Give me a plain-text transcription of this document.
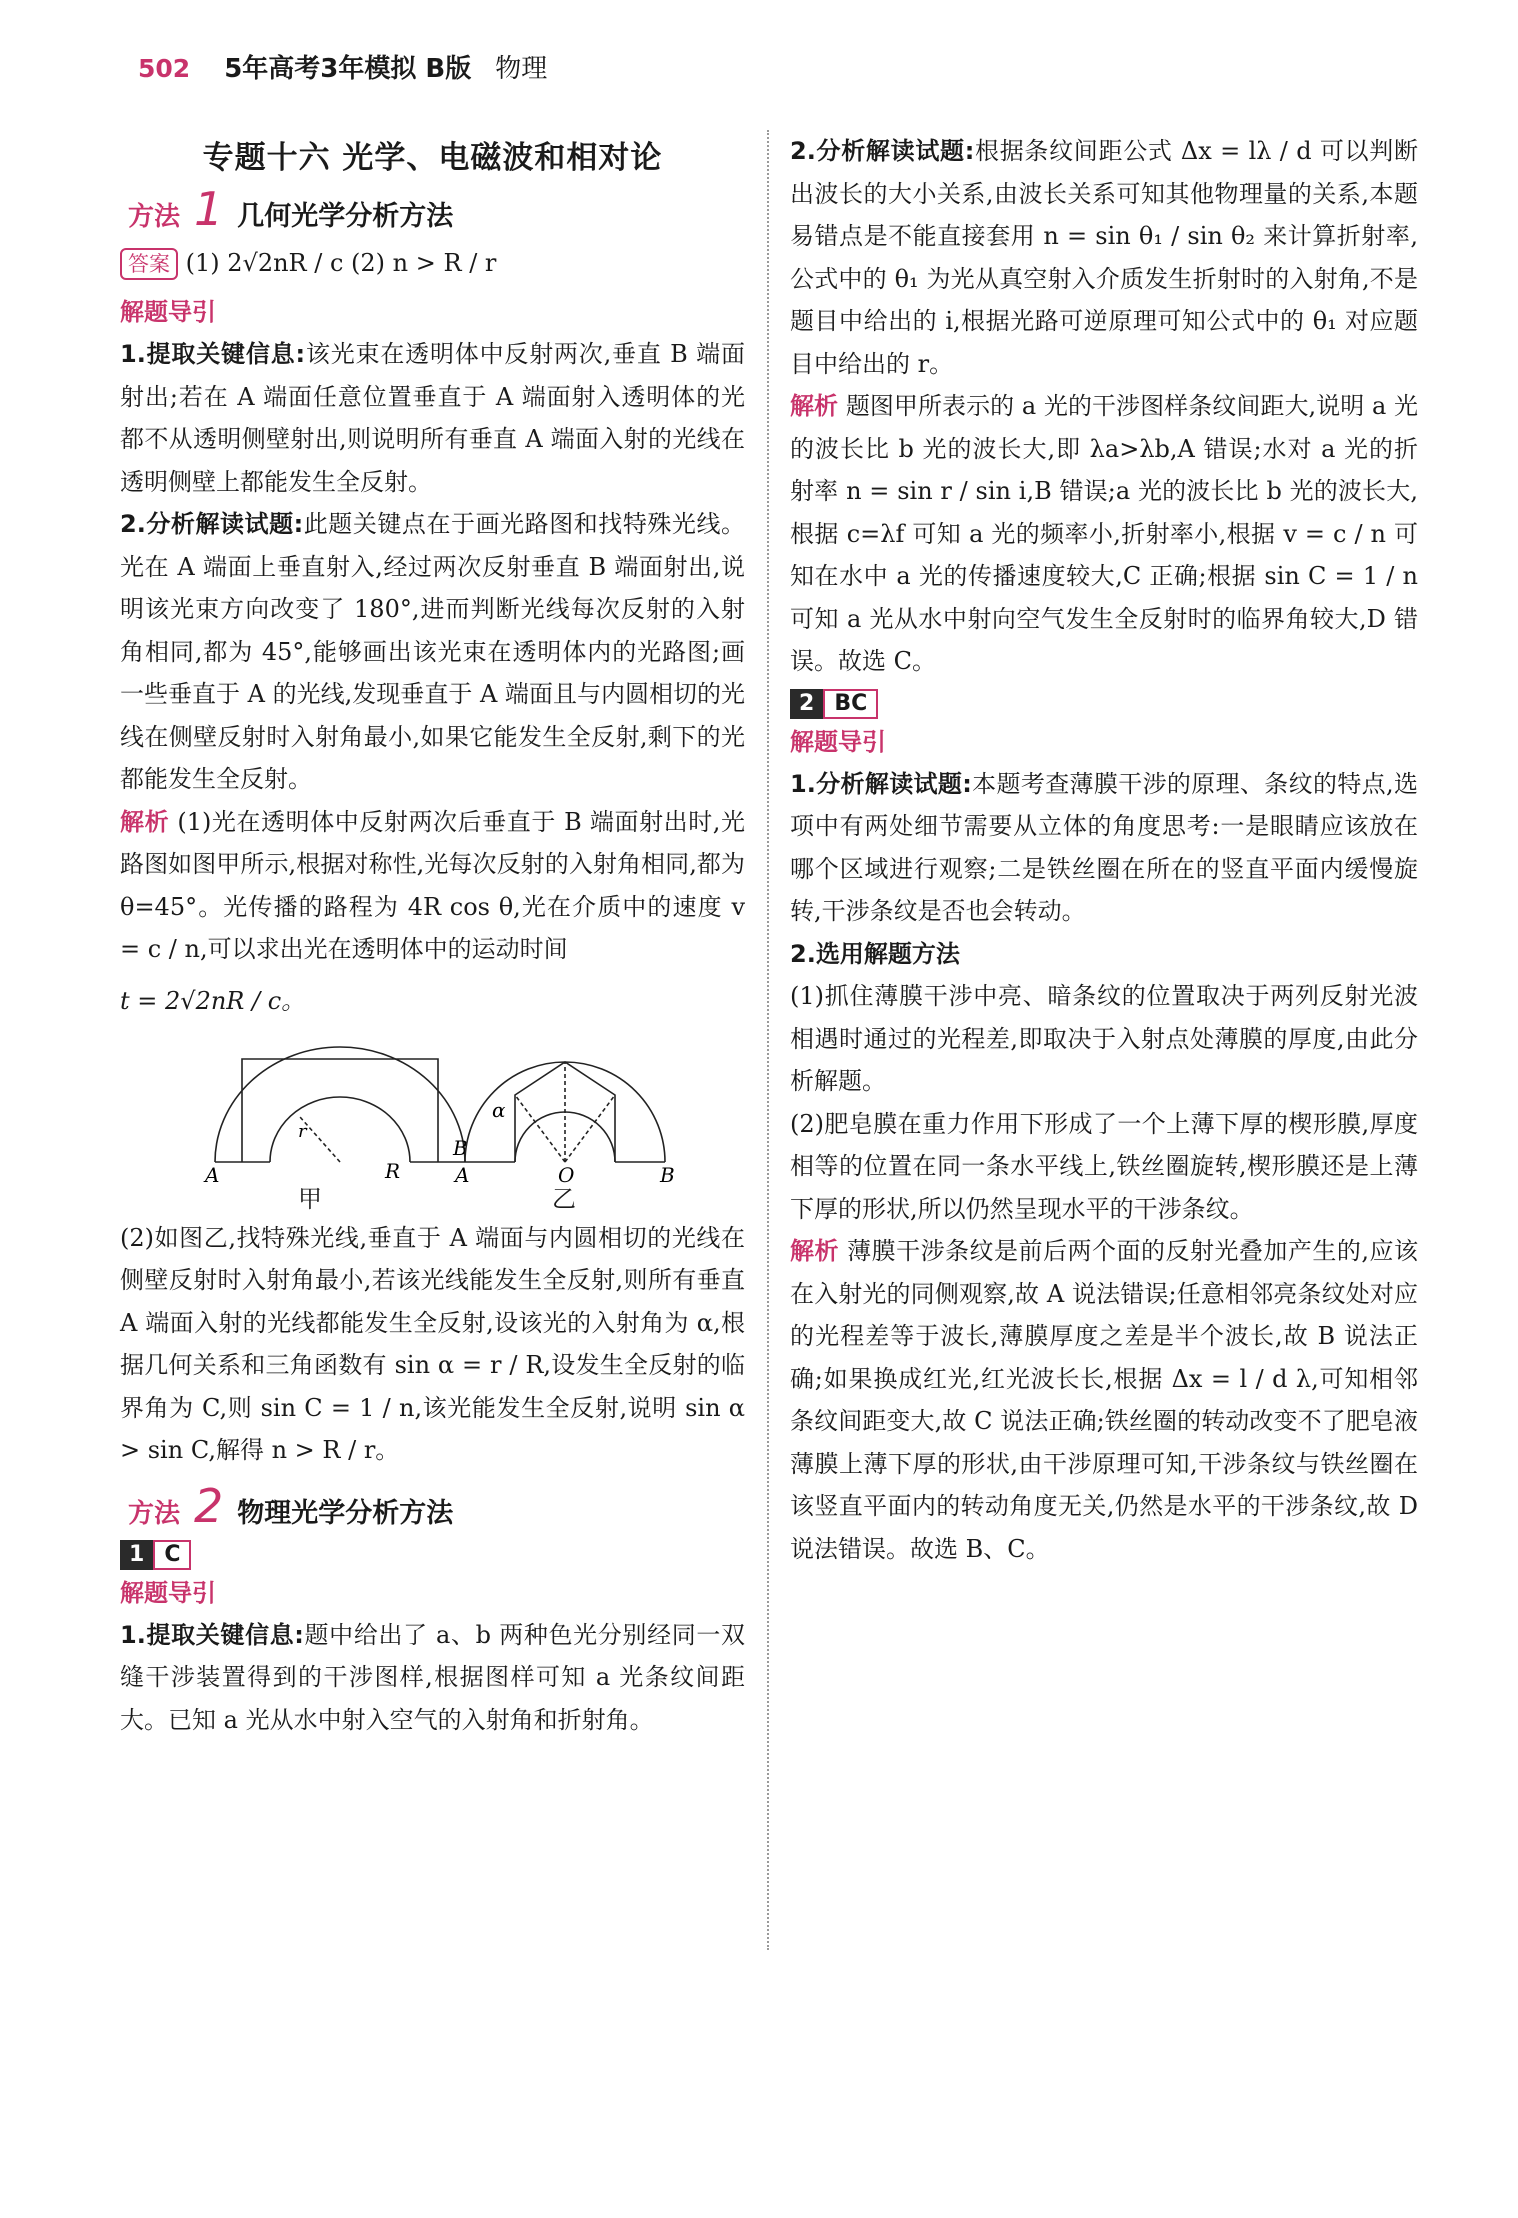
502 5年高考3年模拟 B版 物理
专题十六 光学、电磁波和相对论
方法 1 几何光学分析方法
答案 (1) 2√2nR / c (2) n > R / r
解题导引

1.提取关键信息:该光束在透明体中反射两次,垂直 B 端面射出;若在 A 端面任意位置垂直于 A 端面射入透明体的光都不从透明侧壁射出,则说明所有垂直 A 端面入射的光线在透明侧壁上都能发生全反射。

2.分析解读试题:此题关键点在于画光路图和找特殊光线。光在 A 端面上垂直射入,经过两次反射垂直 B 端面射出,说明该光束方向改变了 180°,进而判断光线每次反射的入射角相同,都为 45°,能够画出该光束在透明体内的光路图;画一些垂直于 A 的光线,发现垂直于 A 端面且与内圆相切的光线在侧壁反射时入射角最小,如果它能发生全反射,剩下的光都能发生全反射。

解析 (1)光在透明体中反射两次后垂直于 B 端面射出时,光路图如图甲所示,根据对称性,光每次反射的入射角相同,都为 θ=45°。光传播的路程为 4R cos θ,光在介质中的速度 v = c / n,可以求出光在透明体中的运动时间

t = 2√2nR / c。

A
B
R
r
A	O	B
α
甲	乙

(2)如图乙,找特殊光线,垂直于 A 端面与内圆相切的光线在侧壁反射时入射角最小,若该光线能发生全反射,则所有垂直 A 端面入射的光线都能发生全反射,设该光的入射角为 α,根据几何关系和三角函数有 sin α = r / R,设发生全反射的临界角为 C,则 sin C = 1 / n,该光能发生全反射,说明 sin α > sin C,解得 n > R / r。

方法 2 物理光学分析方法
1 C
解题导引

1.提取关键信息:题中给出了 a、b 两种色光分别经同一双缝干涉装置得到的干涉图样,根据图样可知 a 光条纹间距大。已知 a 光从水中射入空气的入射角和折射角。

2.分析解读试题:根据条纹间距公式 Δx = lλ / d 可以判断出波长的大小关系,由波长关系可知其他物理量的关系,本题易错点是不能直接套用 n = sin θ₁ / sin θ₂ 来计算折射率,公式中的 θ₁ 为光从真空射入介质发生折射时的入射角,不是题目中给出的 i,根据光路可逆原理可知公式中的 θ₁ 对应题目中给出的 r。

解析 题图甲所表示的 a 光的干涉图样条纹间距大,说明 a 光的波长比 b 光的波长大,即 λa>λb,A 错误;水对 a 光的折射率 n = sin r / sin i,B 错误;a 光的波长比 b 光的波长大,根据 c=λf 可知 a 光的频率小,折射率小,根据 v = c / n 可知在水中 a 光的传播速度较大,C 正确;根据 sin C = 1 / n 可知 a 光从水中射向空气发生全反射时的临界角较大,D 错误。故选 C。

2 BC
解题导引

1.分析解读试题:本题考查薄膜干涉的原理、条纹的特点,选项中有两处细节需要从立体的角度思考:一是眼睛应该放在哪个区域进行观察;二是铁丝圈在所在的竖直平面内缓慢旋转,干涉条纹是否也会转动。

2.选用解题方法

(1)抓住薄膜干涉中亮、暗条纹的位置取决于两列反射光波相遇时通过的光程差,即取决于入射点处薄膜的厚度,由此分析解题。

(2)肥皂膜在重力作用下形成了一个上薄下厚的楔形膜,厚度相等的位置在同一条水平线上,铁丝圈旋转,楔形膜还是上薄下厚的形状,所以仍然呈现水平的干涉条纹。

解析 薄膜干涉条纹是前后两个面的反射光叠加产生的,应该在入射光的同侧观察,故 A 说法错误;任意相邻亮条纹处对应的光程差等于波长,薄膜厚度之差是半个波长,故 B 说法正确;如果换成红光,红光波长长,根据 Δx = l / d λ,可知相邻条纹间距变大,故 C 说法正确;铁丝圈的转动改变不了肥皂液薄膜上薄下厚的形状,由干涉原理可知,干涉条纹与铁丝圈在该竖直平面内的转动角度无关,仍然是水平的干涉条纹,故 D 说法错误。故选 B、C。
